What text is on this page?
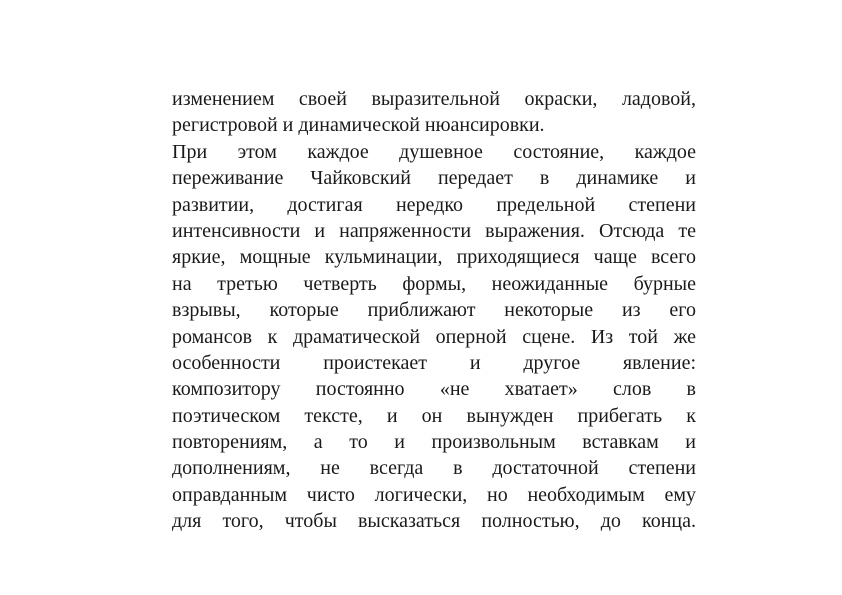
изменением своей выразительной окраски, ладовой,
регистровой и динамической нюансировки.
При этом каждое душевное состояние, каждое
переживание Чайковский передает в динамике и
развитии, достигая нередко предельной степени
интенсивности и напряженности выражения. Отсюда те
яркие, мощные кульминации, приходящиеся чаще всего
на третью четверть формы, неожиданные бурные
взрывы, которые приближают некоторые из его
романсов к драматической оперной сцене. Из той же
особенности проистекает и другое явление:
композитору постоянно «не хватает» слов в
поэтическом тексте, и он вынужден прибегать к
повторениям, а то и произвольным вставкам и
дополнениям, не всегда в достаточной степени
оправданным чисто логически, но необходимым ему
для того, чтобы высказаться полностью, до конца.
